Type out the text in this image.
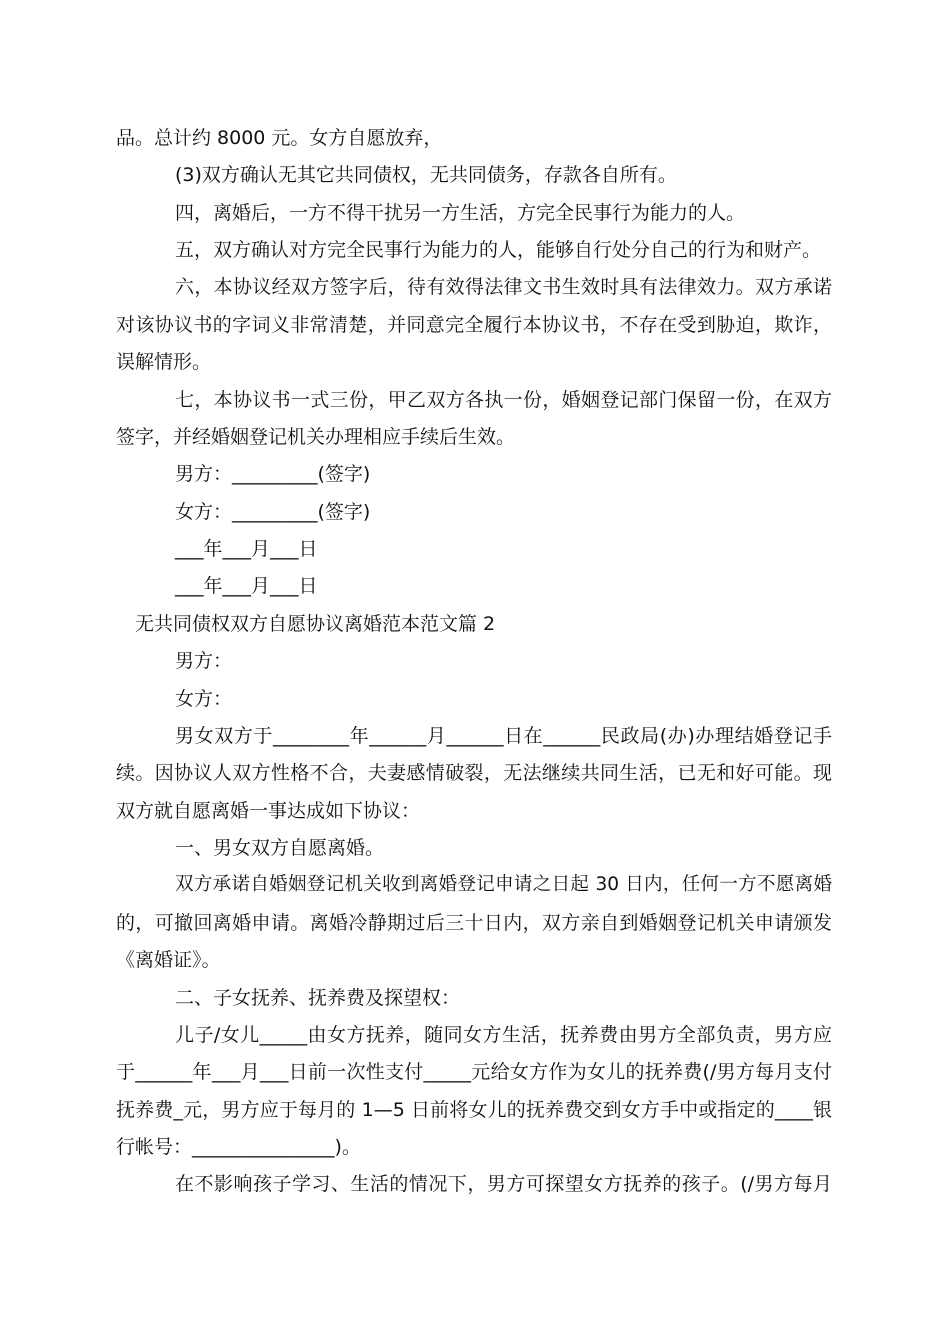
品。总计约 8000 元。女方自愿放弃，

(3)双方确认无其它共同债权，无共同债务，存款各自所有。

四，离婚后，一方不得干扰另一方生活，方完全民事行为能力的人。

五，双方确认对方完全民事行为能力的人，能够自行处分自己的行为和财产。

六，本协议经双方签字后，待有效得法律文书生效时具有法律效力。双方承诺

对该协议书的字词义非常清楚，并同意完全履行本协议书，不存在受到胁迫，欺诈，

误解情形。

七，本协议书一式三份，甲乙双方各执一份，婚姻登记部门保留一份，在双方

签字，并经婚姻登记机关办理相应手续后生效。

男方：_________(签字)

女方：_________(签字)

___年___月___日

___年___月___日

无共同债权双方自愿协议离婚范本范文篇 2

男方：

女方：

男女双方于________年______月______日在______民政局(办)办理结婚登记手

续。因协议人双方性格不合，夫妻感情破裂，无法继续共同生活，已无和好可能。现

双方就自愿离婚一事达成如下协议：

一、男女双方自愿离婚。

双方承诺自婚姻登记机关收到离婚登记申请之日起 30 日内，任何一方不愿离婚

的，可撤回离婚申请。离婚冷静期过后三十日内，双方亲自到婚姻登记机关申请颁发

《离婚证》。

二、子女抚养、抚养费及探望权：

儿子/女儿_____由女方抚养，随同女方生活，抚养费由男方全部负责，男方应

于______年___月___日前一次性支付_____元给女方作为女儿的抚养费(/男方每月支付

抚养费_元，男方应于每月的 1—5 日前将女儿的抚养费交到女方手中或指定的____银

行帐号：_______________)。

在不影响孩子学习、生活的情况下，男方可探望女方抚养的孩子。(/男方每月
